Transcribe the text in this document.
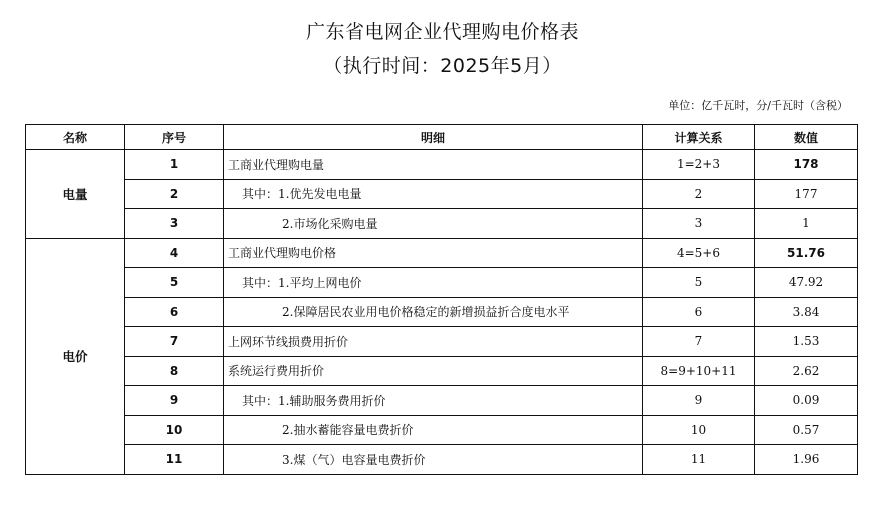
广东省电网企业代理购电价格表
（执行时间：2025年5月）
单位：亿千瓦时，分/千瓦时（含税）
名称	序号	明细	计算关系	数值
电量	1	工商业代理购电量	1=2+3	178
	2	其中：1.优先发电电量	2	177
	3	2.市场化采购电量	3	1
电价	4	工商业代理购电价格	4=5+6	51.76
	5	其中：1.平均上网电价	5	47.92
	6	2.保障居民农业用电价格稳定的新增损益折合度电水平	6	3.84
	7	上网环节线损费用折价	7	1.53
	8	系统运行费用折价	8=9+10+11	2.62
	9	其中：1.辅助服务费用折价	9	0.09
	10	2.抽水蓄能容量电费折价	10	0.57
	11	3.煤（气）电容量电费折价	11	1.96
